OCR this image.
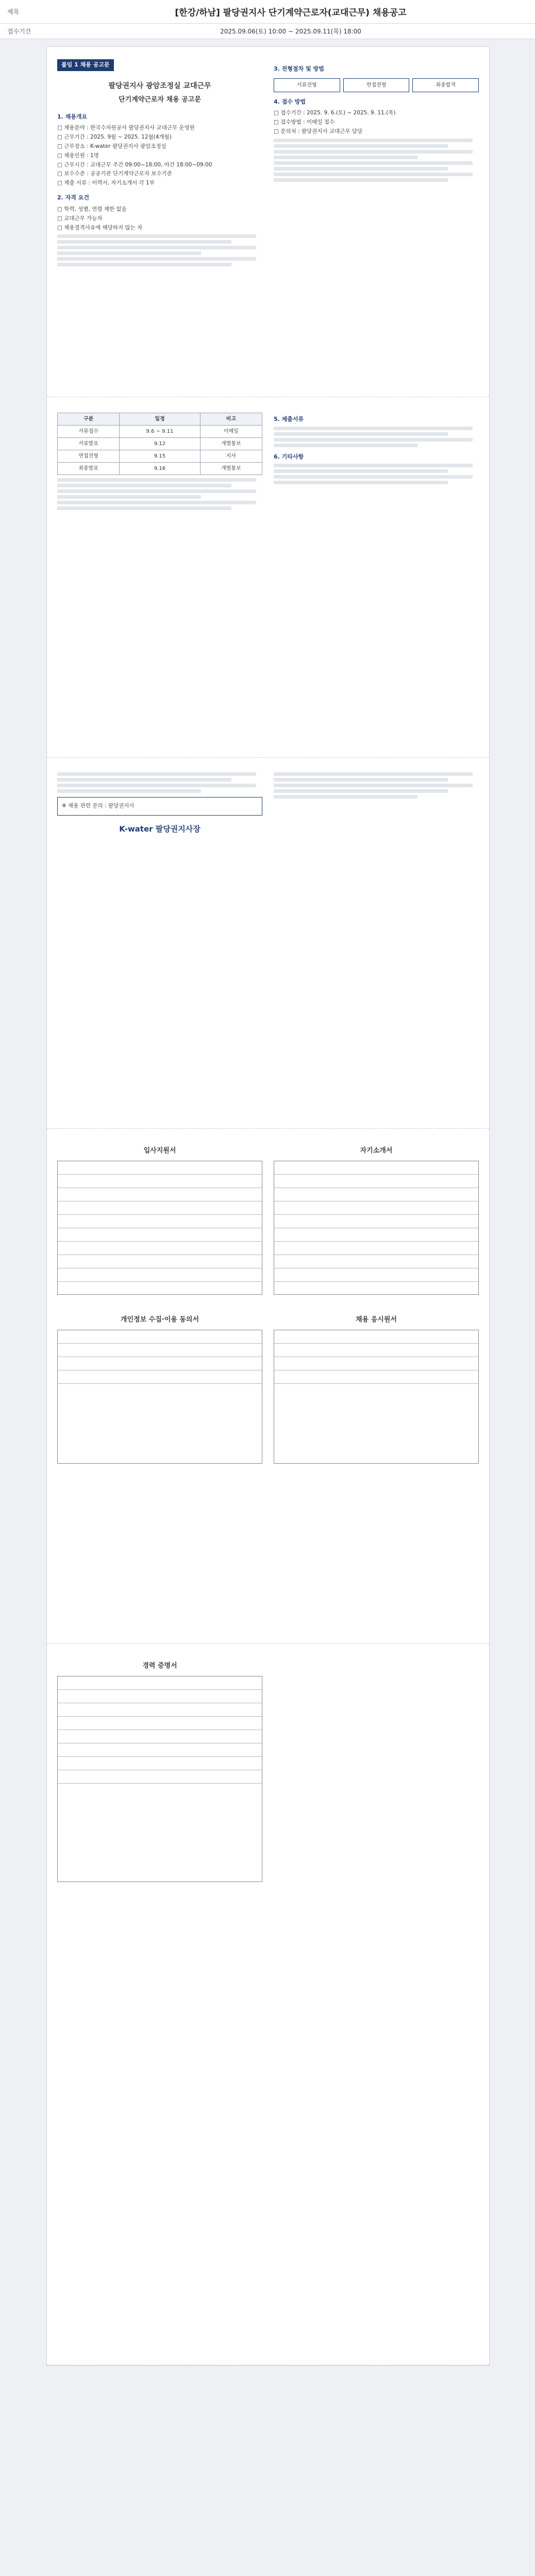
제목	[한강/하남] 팔당권지사 단기계약근로자(교대근무) 채용공고
접수기간	2025.09.06(토) 10:00 ~ 2025.09.11(목) 18:00
붙임 1 채용 공고문
팔당권지사 광암조정실 교대근무
단기계약근로자 채용 공고문
1. 채용개요
□ 채용분야 : 한국수자원공사 팔당권지사 교대근무 운영원
□ 근무기간 : 2025. 9월 ~ 2025. 12월(4개월)
□ 근무장소 : K-water 팔당권지사 광암조정실
□ 채용인원 : 1명
□ 근무시간 : 교대근무 주간 09:00~18:00, 야간 18:00~09:00
□ 보수수준 : 공공기관 단기계약근로자 보수기준
□ 제출 서류 : 이력서, 자기소개서 각 1부
2. 자격 요건
□ 학력, 성별, 연령 제한 없음
□ 교대근무 가능자
□ 채용결격사유에 해당하지 않는 자
3. 전형절차 및 방법
서류전형	면접전형	최종합격
4. 접수 방법
□ 접수기간 : 2025. 9. 6.(토) ~ 2025. 9. 11.(목)
□ 접수방법 : 이메일 접수
□ 문의처 : 팔당권지사 교대근무 담당
구분	일정	비고
서류접수	9.6 ~ 9.11	이메일
서류발표	9.12	개별통보
면접전형	9.15	지사
최종발표	9.16	개별통보
5. 제출서류
6. 기타사항
※ 채용 관련 문의 : 팔당권지사
K-water 팔당권지사장
입사지원서	자기소개서
개인정보 수집·이용 동의서	채용 응시원서
경력 증명서
